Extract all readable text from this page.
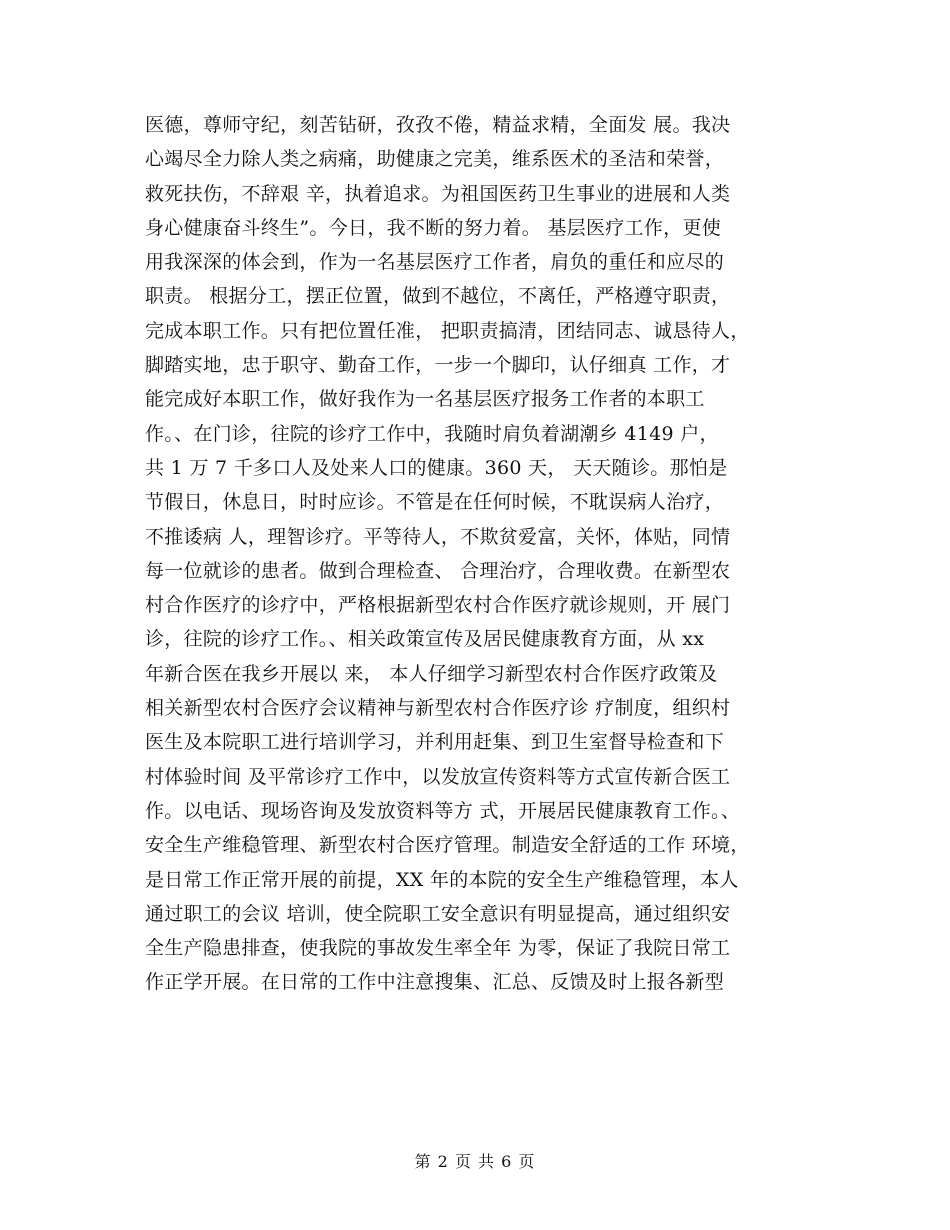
医德，尊师守纪，刻苦钻研，孜孜不倦，精益求精，全面发 展。我决
心竭尽全力除人类之病痛，助健康之完美，维系医术的圣洁和荣誉，
救死扶伤，不辞艰 辛，执着追求。为祖国医药卫生事业的进展和人类
身心健康奋斗终生”。今日，我不断的努力着。 基层医疗工作，更使
用我深深的体会到，作为一名基层医疗工作者，肩负的重任和应尽的
职责。 根据分工，摆正位置，做到不越位，不离任，严格遵守职责，
完成本职工作。只有把位置任准， 把职责搞清，团结同志、诚恳待人，
脚踏实地，忠于职守、勤奋工作，一步一个脚印，认仔细真 工作，才
能完成好本职工作，做好我作为一名基层医疗报务工作者的本职工
作。、在门诊，往院的诊疗工作中，我随时肩负着湖潮乡 4149 户，
共 1 万 7 千多口人及处来人口的健康。360 天， 天天随诊。那怕是
节假日，休息日，时时应诊。不管是在任何时候，不耽误病人治疗，
不推诿病 人，理智诊疗。平等待人，不欺贫爱富，关怀，体贴，同情
每一位就诊的患者。做到合理检查、 合理治疗，合理收费。在新型农
村合作医疗的诊疗中，严格根据新型农村合作医疗就诊规则，开 展门
诊，往院的诊疗工作。、相关政策宣传及居民健康教育方面，从 xx
年新合医在我乡开展以 来， 本人仔细学习新型农村合作医疗政策及
相关新型农村合医疗会议精神与新型农村合作医疗诊 疗制度，组织村
医生及本院职工进行培训学习，并利用赶集、到卫生室督导检查和下
村体验时间 及平常诊疗工作中，以发放宣传资料等方式宣传新合医工
作。以电话、现场咨询及发放资料等方 式，开展居民健康教育工作。、
安全生产维稳管理、新型农村合医疗管理。制造安全舒适的工作 环境，
是日常工作正常开展的前提，XX 年的本院的安全生产维稳管理，本人
通过职工的会议 培训，使全院职工安全意识有明显提高，通过组织安
全生产隐患排查，使我院的事故发生率全年 为零，保证了我院日常工
作正学开展。在日常的工作中注意搜集、汇总、反馈及时上报各新型
第 2 页 共 6 页
